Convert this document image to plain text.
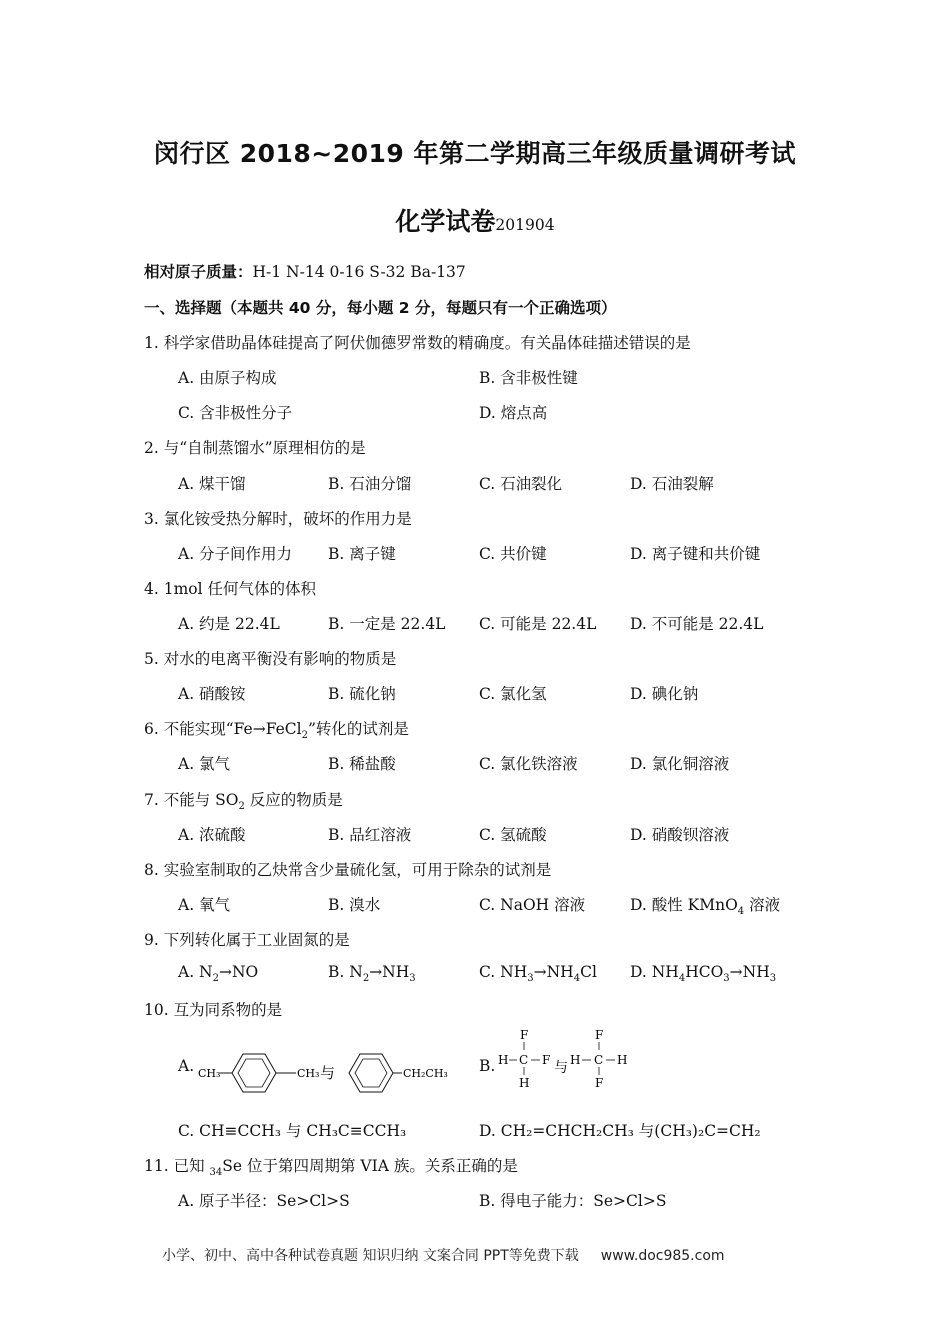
闵行区 2018~2019 年第二学期高三年级质量调研考试
化学试卷201904
相对原子质量：H-1 N-14 0-16 S-32 Ba-137
一、选择题（本题共 40 分，每小题 2 分，每题只有一个正确选项）
1. 科学家借助晶体硅提高了阿伏伽德罗常数的精确度。有关晶体硅描述错误的是
A. 由原子构成	B. 含非极性键
C. 含非极性分子	D. 熔点高
2. 与“自制蒸馏水”原理相仿的是
A. 煤干馏	B. 石油分馏	C. 石油裂化	D. 石油裂解
3. 氯化铵受热分解时，破坏的作用力是
A. 分子间作用力 B. 离子键	C. 共价键	D. 离子键和共价键
4. 1mol 任何气体的体积
A. 约是 22.4L	B. 一定是 22.4L C. 可能是 22.4L D. 不可能是 22.4L
5. 对水的电离平衡没有影响的物质是
A. 硝酸铵	B. 硫化钠	C. 氯化氢	D. 碘化钠
6. 不能实现“Fe→FeCl$_2$”转化的试剂是
A. 氯气	B. 稀盐酸	C. 氯化铁溶液	D. 氯化铜溶液
7. 不能与 $SO_2$ 反应的物质是
A. 浓硫酸	B. 品红溶液	C. 氢硫酸	D. 硝酸钡溶液
8. 实验室制取的乙炔常含少量硫化氢，可用于除杂的试剂是
A. 氧气	B. 溴水	C. NaOH 溶液	D. 酸性 KMnO$_4$ 溶液
9. 下列转化属于工业固氮的是
A. $N_2\to NO$	B. $N_2\to NH_3$	C. $NH_3\to NH_4Cl$ D. $NH_4HCO_3\to NH_3$
10. 互为同系物的是
A. CH₃	CH₃ 与	CH₂CH₃ B.
F
H C F
H
与
F
H C H
F
C. CH≡CCH₃ 与 CH₃C≡CCH₃	D. CH₂=CHCH₂CH₃ 与(CH₃)₂C=CH₂
11. 已知 $_{34}$Se 位于第四周期第 VIA 族。关系正确的是
A. 原子半径：Se>Cl>S	B. 得电子能力：Se>Cl>S
小学、初中、高中各种试卷真题 知识归纳 文案合同 PPT等免费下载 www.doc985.com
